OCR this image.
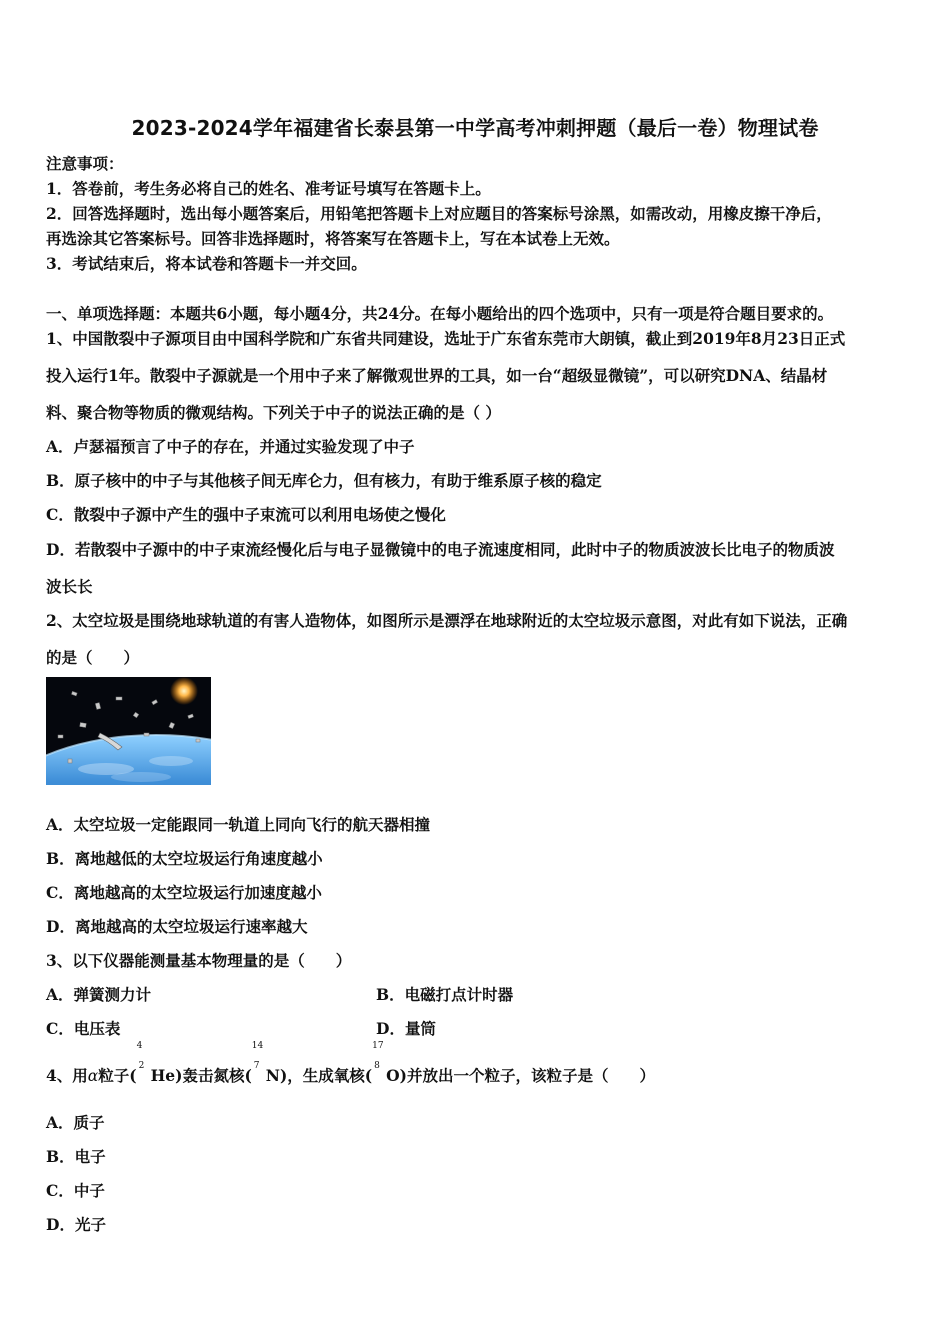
2023-2024学年福建省长泰县第一中学高考冲刺押题（最后一卷）物理试卷
注意事项：
1．答卷前，考生务必将自己的姓名、准考证号填写在答题卡上。
2．回答选择题时，选出每小题答案后，用铅笔把答题卡上对应题目的答案标号涂黑，如需改动，用橡皮擦干净后，
再选涂其它答案标号。回答非选择题时，将答案写在答题卡上，写在本试卷上无效。
3．考试结束后，将本试卷和答题卡一并交回。
一、单项选择题：本题共6小题，每小题4分，共24分。在每小题给出的四个选项中，只有一项是符合题目要求的。
1、中国散裂中子源项目由中国科学院和广东省共同建设，选址于广东省东莞市大朗镇，截止到2019年8月23日正式
投入运行1年。散裂中子源就是一个用中子来了解微观世界的工具，如一台“超级显微镜”，可以研究DNA、结晶材
料、聚合物等物质的微观结构。下列关于中子的说法正确的是（ ）
A．卢瑟福预言了中子的存在，并通过实验发现了中子
B．原子核中的中子与其他核子间无库仑力，但有核力，有助于维系原子核的稳定
C．散裂中子源中产生的强中子束流可以利用电场使之慢化
D．若散裂中子源中的中子束流经慢化后与电子显微镜中的电子流速度相同，此时中子的物质波波长比电子的物质波
波长长
2、太空垃圾是围绕地球轨道的有害人造物体，如图所示是漂浮在地球附近的太空垃圾示意图，对此有如下说法，正确
的是（　　）
A．太空垃圾一定能跟同一轨道上同向飞行的航天器相撞
B．离地越低的太空垃圾运行角速度越小
C．离地越高的太空垃圾运行加速度越小
D．离地越高的太空垃圾运行速率越大
3、以下仪器能测量基本物理量的是（　　）
A．弹簧测力计	B．电磁打点计时器
C．电压表	D．量筒
4、用α粒子(
4
2 He)轰击氮核(
14
7 N)，生成氧核(
17
8 O)并放出一个粒子，该粒子是（　　）
A．质子
B．电子
C．中子
D．光子
